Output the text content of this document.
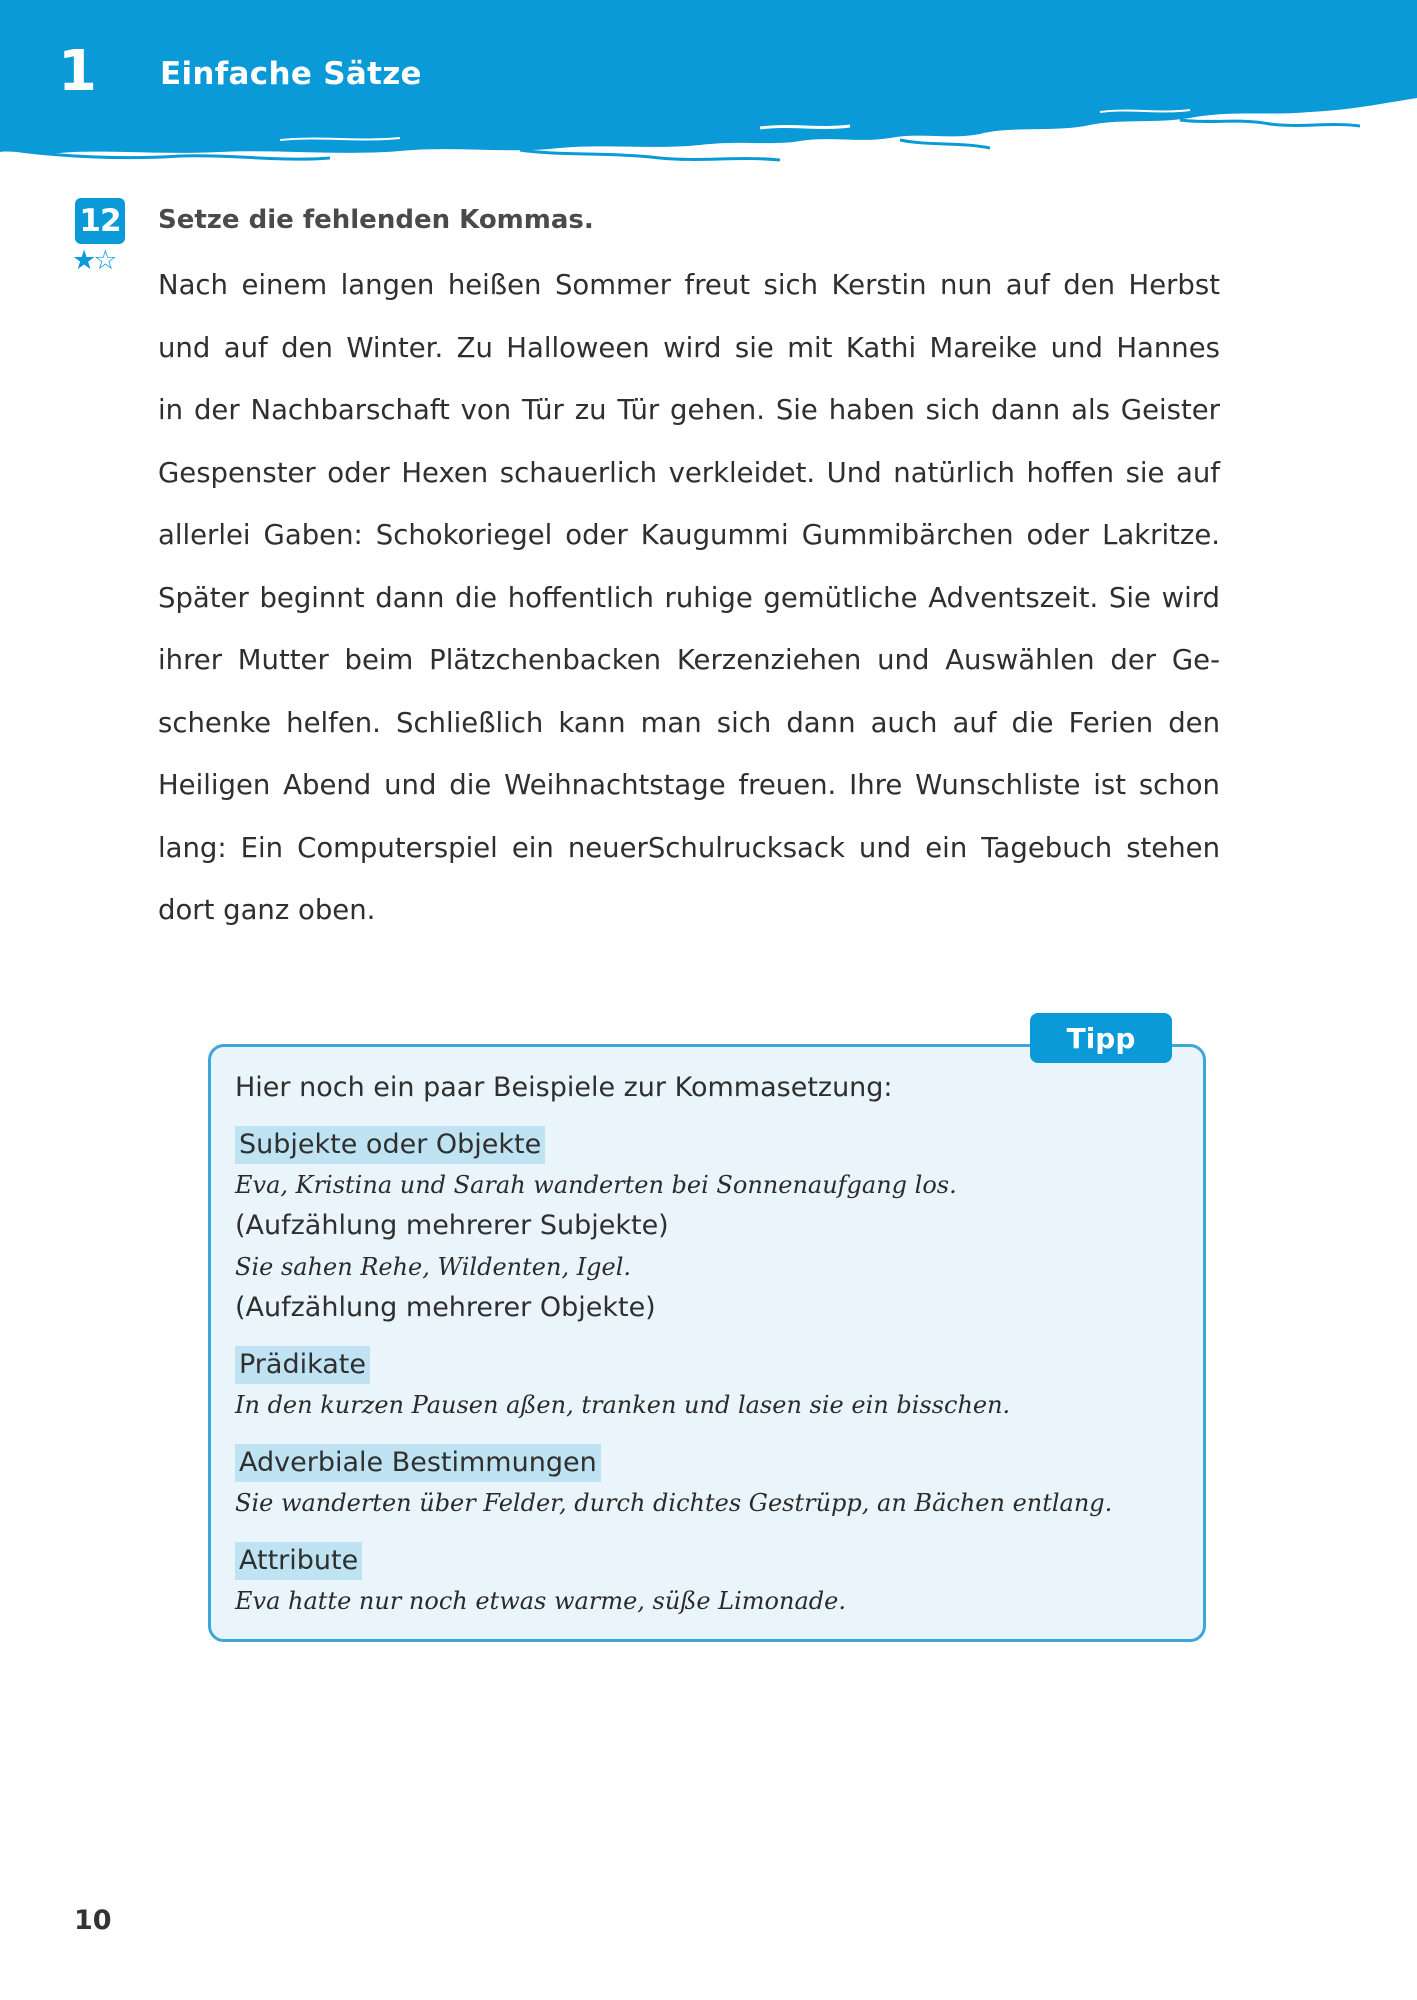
1 Einfache Sätze
12
★☆
Setze die fehlenden Kommas.
Nach einem langen heißen Sommer freut sich Kerstin nun auf den Herbst
und auf den Winter. Zu Halloween wird sie mit Kathi Mareike und Hannes
in der Nachbarschaft von Tür zu Tür gehen. Sie haben sich dann als Geister
Gespenster oder Hexen schauerlich verkleidet. Und natürlich hoffen sie auf
allerlei Gaben: Schokoriegel oder Kaugummi Gummibärchen oder Lakritze.
Später beginnt dann die hoffentlich ruhige gemütliche Adventszeit. Sie wird
ihrer Mutter beim Plätzchenbacken Kerzenziehen und Auswählen der Ge-
schenke helfen. Schließlich kann man sich dann auch auf die Ferien den
Heiligen Abend und die Weihnachtstage freuen. Ihre Wunschliste ist schon
lang: Ein Computerspiel ein neuerSchulrucksack und ein Tagebuch stehen
dort ganz oben.
Tipp
Hier noch ein paar Beispiele zur Kommasetzung:
Subjekte oder Objekte
Eva, Kristina und Sarah wanderten bei Sonnenaufgang los.
(Aufzählung mehrerer Subjekte)
Sie sahen Rehe, Wildenten, Igel.
(Aufzählung mehrerer Objekte)
Prädikate
In den kurzen Pausen aßen, tranken und lasen sie ein bisschen.
Adverbiale Bestimmungen
Sie wanderten über Felder, durch dichtes Gestrüpp, an Bächen entlang.
Attribute
Eva hatte nur noch etwas warme, süße Limonade.
10
